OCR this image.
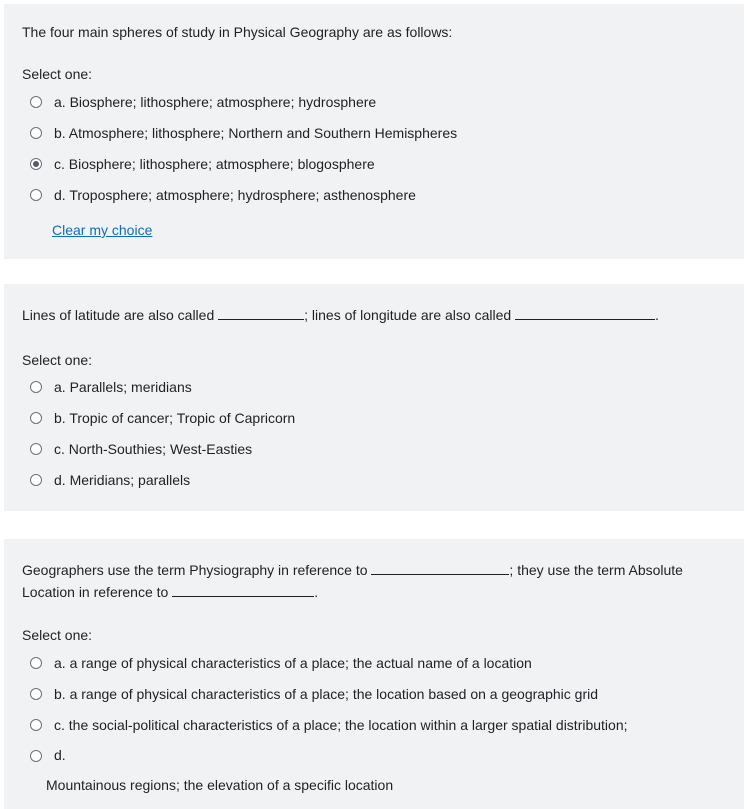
The four main spheres of study in Physical Geography are as follows:
Select one:
a. Biosphere; lithosphere; atmosphere; hydrosphere
b. Atmosphere; lithosphere; Northern and Southern Hemispheres
c. Biosphere; lithosphere; atmosphere; blogosphere
d. Troposphere; atmosphere; hydrosphere; asthenosphere
Clear my choice
Lines of latitude are also called	; lines of longitude are also called	.
Select one:
a. Parallels; meridians
b. Tropic of cancer; Tropic of Capricorn
c. North-Southies; West-Easties
d. Meridians; parallels
Geographers use the term Physiography in reference to	; they use the term Absolute Location in reference to	.
Select one:
a. a range of physical characteristics of a place; the actual name of a location
b. a range of physical characteristics of a place; the location based on a geographic grid
c. the social-political characteristics of a place; the location within a larger spatial distribution;
d.
Mountainous regions; the elevation of a specific location
